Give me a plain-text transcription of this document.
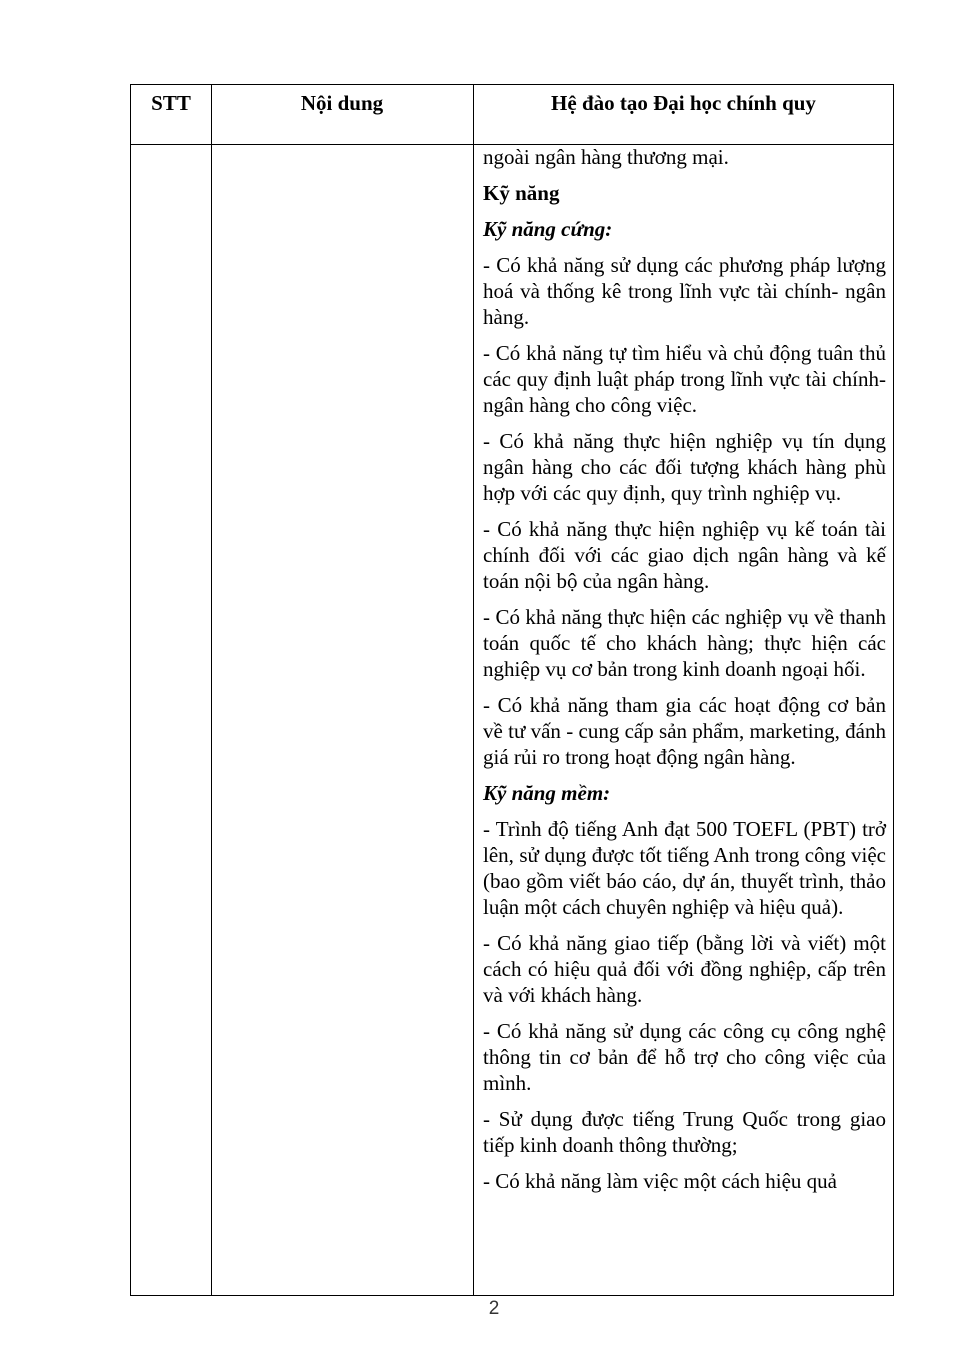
STT	Nội dung	Hệ đào tạo Đại học chính quy

ngoài ngân hàng thương mại.

Kỹ năng

Kỹ năng cứng:

- Có khả năng sử dụng các phương pháp lượng hoá và thống kê trong lĩnh vực tài chính- ngân hàng.

- Có khả năng tự tìm hiểu và chủ động tuân thủ các quy định luật pháp trong lĩnh vực tài chính- ngân hàng cho công việc.

- Có khả năng thực hiện nghiệp vụ tín dụng ngân hàng cho các đối tượng khách hàng phù hợp với các quy định, quy trình nghiệp vụ.

- Có khả năng thực hiện nghiệp vụ kế toán tài chính đối với các giao dịch ngân hàng và kế toán nội bộ của ngân hàng.

- Có khả năng thực hiện các nghiệp vụ về thanh toán quốc tế cho khách hàng; thực hiện các nghiệp vụ cơ bản trong kinh doanh ngoại hối.

- Có khả năng tham gia các hoạt động cơ bản về tư vấn - cung cấp sản phẩm, marketing, đánh giá rủi ro trong hoạt động ngân hàng.

Kỹ năng mềm:

- Trình độ tiếng Anh đạt 500 TOEFL (PBT) trở lên, sử dụng được tốt tiếng Anh trong công việc (bao gồm viết báo cáo, dự án, thuyết trình, thảo luận một cách chuyên nghiệp và hiệu quả).

- Có khả năng giao tiếp (bằng lời và viết) một cách có hiệu quả đối với đồng nghiệp, cấp trên và với khách hàng.

- Có khả năng sử dụng các công cụ công nghệ thông tin cơ bản để hỗ trợ cho công việc của mình.

- Sử dụng được tiếng Trung Quốc trong giao tiếp kinh doanh thông thường;

- Có khả năng làm việc một cách hiệu quả

2
